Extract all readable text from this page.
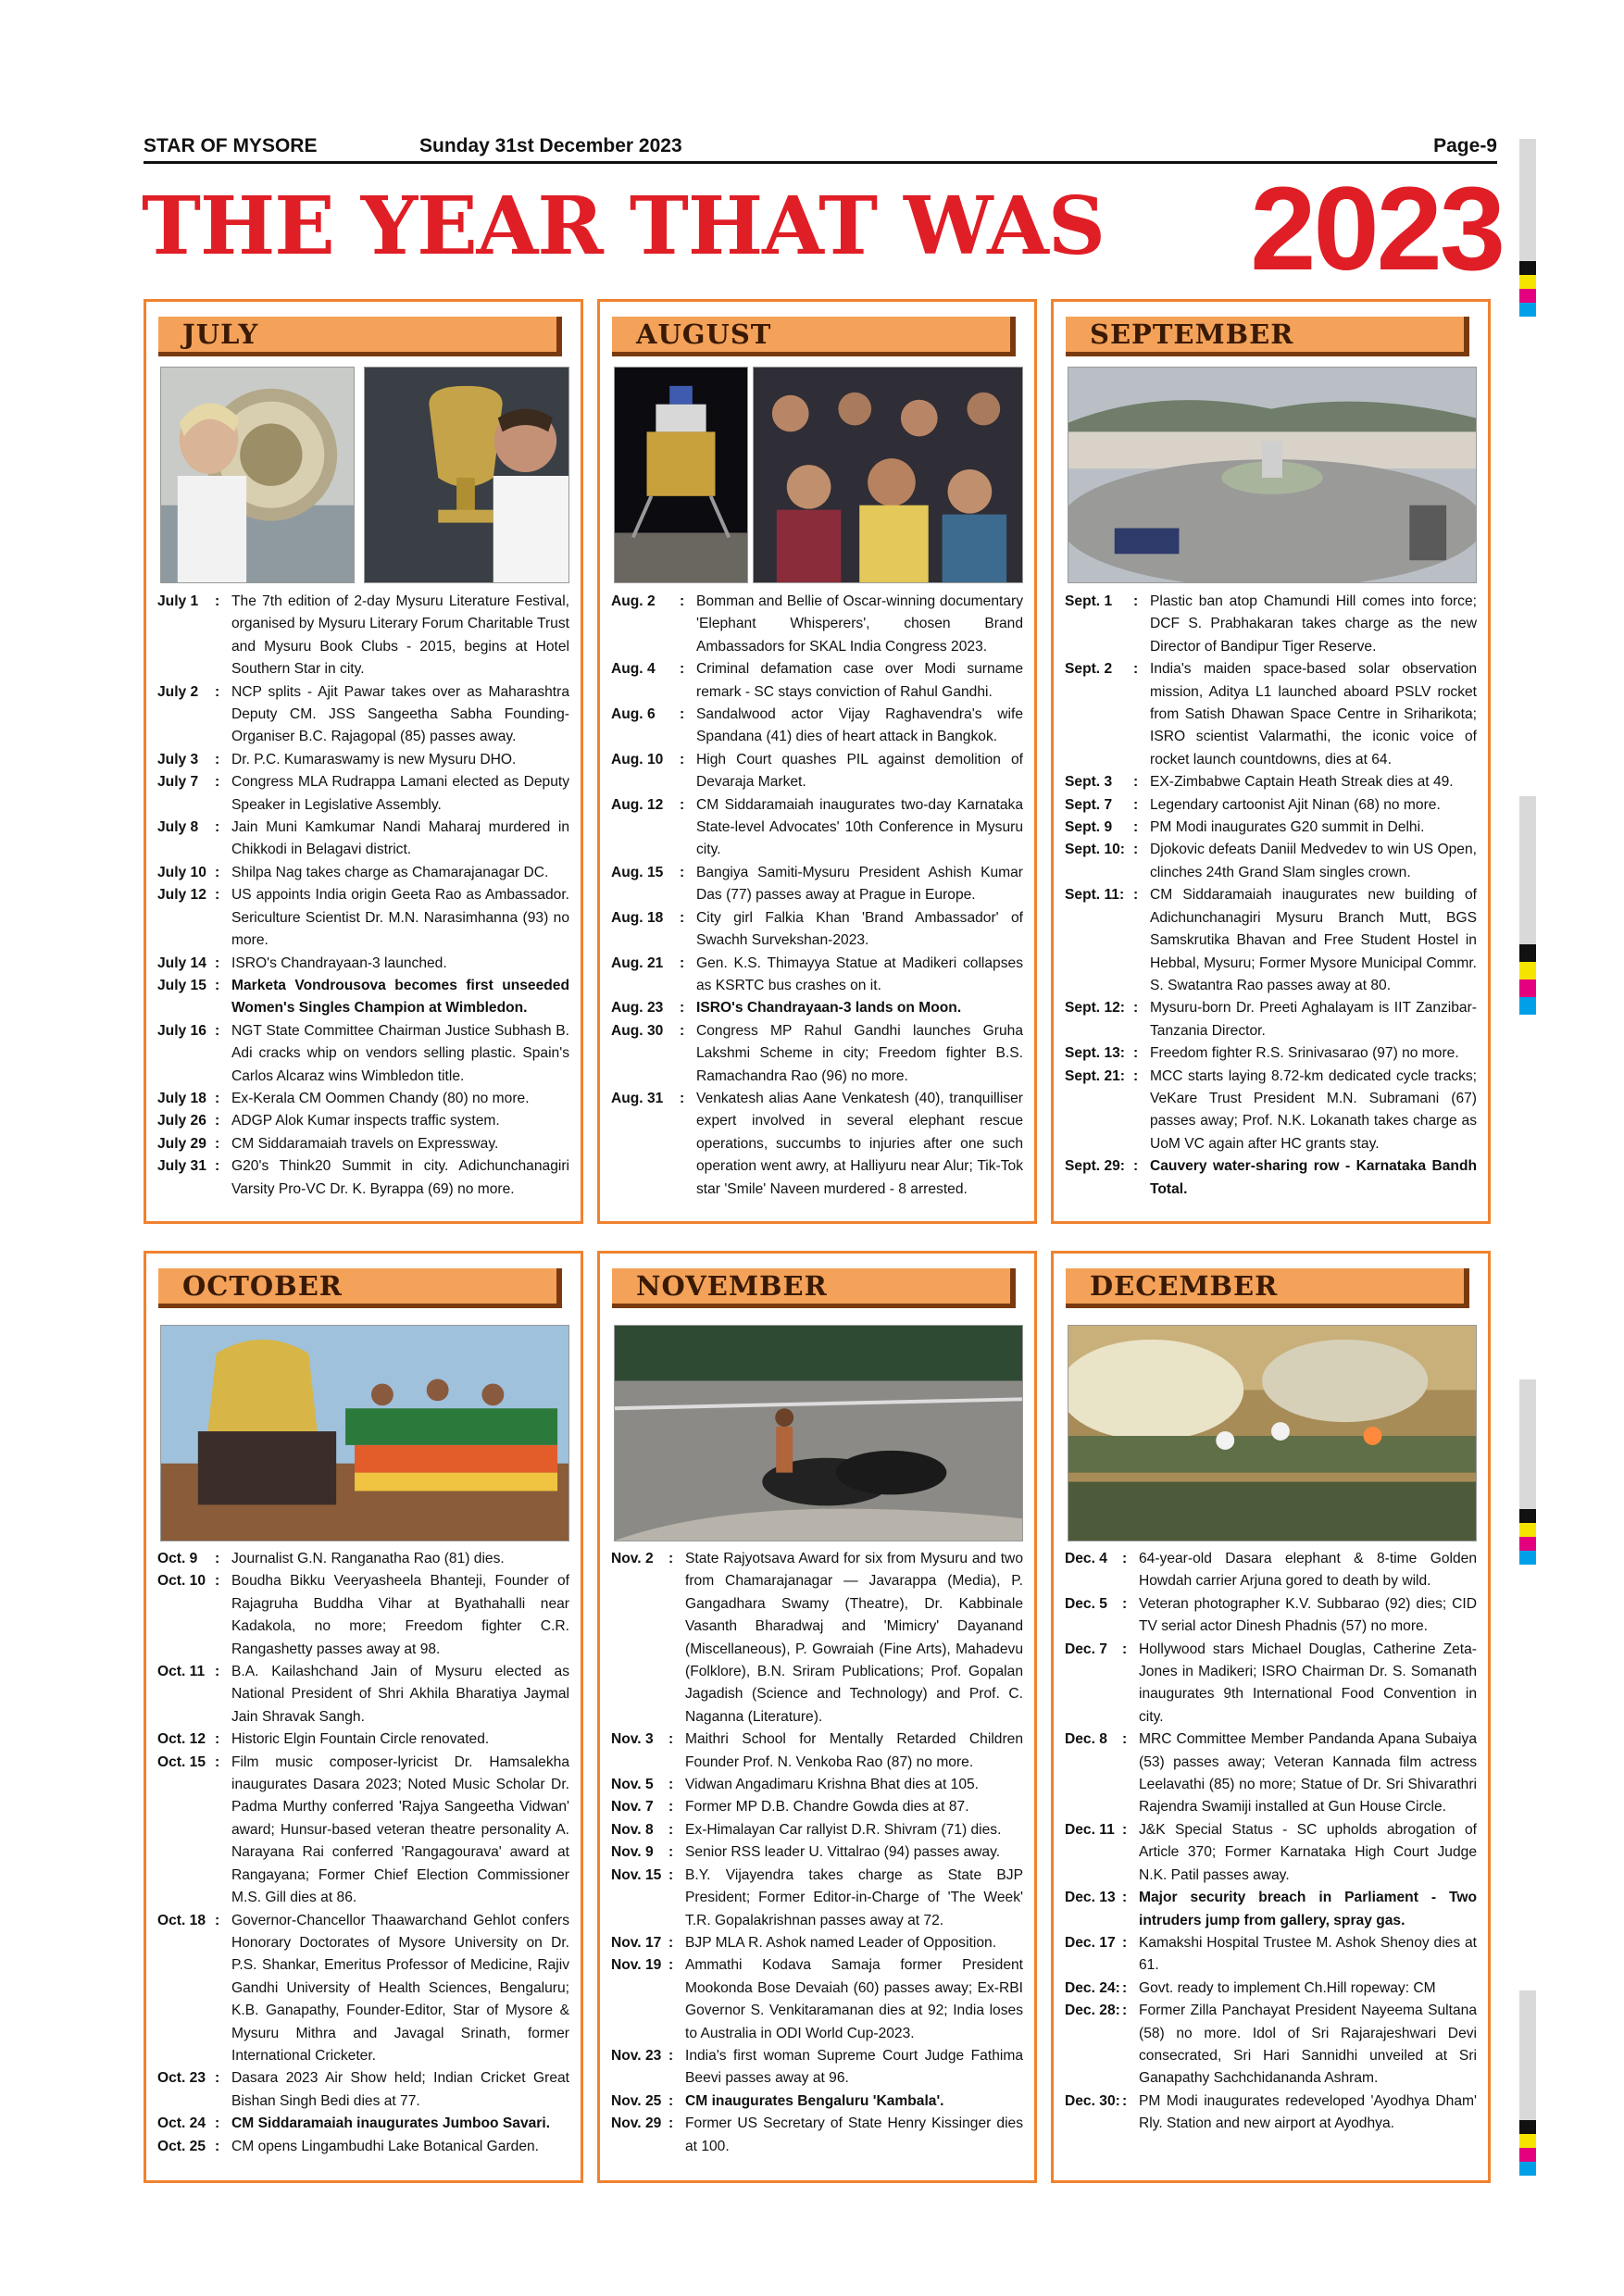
STAR OF MYSORE	Sunday 31st December 2023	Page-9
THE YEAR THAT WAS 2023
JULY
July 1	: The 7th edition of 2-day Mysuru Literature Festival, organised by Mysuru Literary Forum Charitable Trust and Mysuru Book Clubs - 2015, begins at Hotel Southern Star in city.
July 2	: NCP splits - Ajit Pawar takes over as Maharashtra Deputy CM. JSS Sangeetha Sabha Founding-Organiser B.C. Rajagopal (85) passes away.
July 3	: Dr. P.C. Kumaraswamy is new Mysuru DHO.
July 7	: Congress MLA Rudrappa Lamani elected as Deputy Speaker in Legislative Assembly.
July 8	: Jain Muni Kamkumar Nandi Maharaj murdered in Chikkodi in Belagavi district.
July 10 : Shilpa Nag takes charge as Chamarajanagar DC.
July 12 : US appoints India origin Geeta Rao as Ambassador. Sericulture Scientist Dr. M.N. Narasimhanna (93) no more.
July 14 : ISRO's Chandrayaan-3 launched.
July 15 : Marketa Vondrousova becomes first unseeded Women's Singles Champion at Wimbledon.
July 16 : NGT State Committee Chairman Justice Subhash B. Adi cracks whip on vendors selling plastic. Spain's Carlos Alcaraz wins Wimbledon title.
July 18 : Ex-Kerala CM Oommen Chandy (80) no more.
July 26 : ADGP Alok Kumar inspects traffic system.
July 29 : CM Siddaramaiah travels on Expressway.
July 31 : G20's Think20 Summit in city. Adichunchanagiri Varsity Pro-VC Dr. K. Byrappa (69) no more.
AUGUST
Aug. 2	: Bomman and Bellie of Oscar-winning documentary 'Elephant Whisperers', chosen Brand Ambassadors for SKAL India Congress 2023.
Aug. 4	: Criminal defamation case over Modi surname remark - SC stays conviction of Rahul Gandhi.
Aug. 6	: Sandalwood actor Vijay Raghavendra's wife Spandana (41) dies of heart attack in Bangkok.
Aug. 10	: High Court quashes PIL against demolition of Devaraja Market.
Aug. 12	: CM Siddaramaiah inaugurates two-day Karnataka State-level Advocates' 10th Conference in Mysuru city.
Aug. 15	: Bangiya Samiti-Mysuru President Ashish Kumar Das (77) passes away at Prague in Europe.
Aug. 18	: City girl Falkia Khan 'Brand Ambassador' of Swachh Survekshan-2023.
Aug. 21	: Gen. K.S. Thimayya Statue at Madikeri collapses as KSRTC bus crashes on it.
Aug. 23	: ISRO's Chandrayaan-3 lands on Moon.
Aug. 30	: Congress MP Rahul Gandhi launches Gruha Lakshmi Scheme in city; Freedom fighter B.S. Ramachandra Rao (96) no more.
Aug. 31	: Venkatesh alias Aane Venkatesh (40), tranquilliser expert involved in several elephant rescue operations, succumbs to injuries after one such operation went awry, at Halliyuru near Alur; Tik-Tok star 'Smile' Naveen murdered - 8 arrested.
SEPTEMBER
Sept. 1	: Plastic ban atop Chamundi Hill comes into force; DCF S. Prabhakaran takes charge as the new Director of Bandipur Tiger Reserve.
Sept. 2	: India's maiden space-based solar observation mission, Aditya L1 launched aboard PSLV rocket from Satish Dhawan Space Centre in Sriharikota; ISRO scientist Valarmathi, the iconic voice of rocket launch countdowns, dies at 64.
Sept. 3	: EX-Zimbabwe Captain Heath Streak dies at 49.
Sept. 7	: Legendary cartoonist Ajit Ninan (68) no more.
Sept. 9	: PM Modi inaugurates G20 summit in Delhi.
Sept. 10: : Djokovic defeats Daniil Medvedev to win US Open, clinches 24th Grand Slam singles crown.
Sept. 11: : CM Siddaramaiah inaugurates new building of Adichunchanagiri Mysuru Branch Mutt, BGS Samskrutika Bhavan and Free Student Hostel in Hebbal, Mysuru; Former Mysore Municipal Commr. S. Swatantra Rao passes away at 80.
Sept. 12: : Mysuru-born Dr. Preeti Aghalayam is IIT Zanzibar-Tanzania Director.
Sept. 13: : Freedom fighter R.S. Srinivasarao (97) no more.
Sept. 21: : MCC starts laying 8.72-km dedicated cycle tracks; VeKare Trust President M.N. Subramani (67) passes away; Prof. N.K. Lokanath takes charge as UoM VC again after HC grants stay.
Sept. 29: : Cauvery water-sharing row - Karnataka Bandh Total.
OCTOBER
Oct. 9	: Journalist G.N. Ranganatha Rao (81) dies.
Oct. 10 : Boudha Bikku Veeryasheela Bhanteji, Founder of Rajagruha Buddha Vihar at Byathahalli near Kadakola, no more; Freedom fighter C.R. Rangashetty passes away at 98.
Oct. 11 : B.A. Kailashchand Jain of Mysuru elected as National President of Shri Akhila Bharatiya Jaymal Jain Shravak Sangh.
Oct. 12 : Historic Elgin Fountain Circle renovated.
Oct. 15 : Film music composer-lyricist Dr. Hamsalekha inaugurates Dasara 2023; Noted Music Scholar Dr. Padma Murthy conferred 'Rajya Sangeetha Vidwan' award; Hunsur-based veteran theatre personality A. Narayana Rai conferred 'Rangagourava' award at Rangayana; Former Chief Election Commissioner M.S. Gill dies at 86.
Oct. 18 : Governor-Chancellor Thaawarchand Gehlot confers Honorary Doctorates of Mysore University on Dr. P.S. Shankar, Emeritus Professor of Medicine, Rajiv Gandhi University of Health Sciences, Bengaluru; K.B. Ganapathy, Founder-Editor, Star of Mysore & Mysuru Mithra and Javagal Srinath, former International Cricketer.
Oct. 23 : Dasara 2023 Air Show held; Indian Cricket Great Bishan Singh Bedi dies at 77.
Oct. 24 : CM Siddaramaiah inaugurates Jumboo Savari.
Oct. 25 : CM opens Lingambudhi Lake Botanical Garden.
NOVEMBER
Nov. 2	: State Rajyotsava Award for six from Mysuru and two from Chamarajanagar — Javarappa (Media), P. Gangadhara Swamy (Theatre), Dr. Kabbinale Vasanth Bharadwaj and 'Mimicry' Dayanand (Miscellaneous), P. Gowraiah (Fine Arts), Mahadevu (Folklore), B.N. Sriram Publications; Prof. Gopalan Jagadish (Science and Technology) and Prof. C. Naganna (Literature).
Nov. 3	: Maithri School for Mentally Retarded Children Founder Prof. N. Venkoba Rao (87) no more.
Nov. 5	: Vidwan Angadimaru Krishna Bhat dies at 105.
Nov. 7	: Former MP D.B. Chandre Gowda dies at 87.
Nov. 8	: Ex-Himalayan Car rallyist D.R. Shivram (71) dies.
Nov. 9	: Senior RSS leader U. Vittalrao (94) passes away.
Nov. 15 : B.Y. Vijayendra takes charge as State BJP President; Former Editor-in-Charge of 'The Week' T.R. Gopalakrishnan passes away at 72.
Nov. 17 : BJP MLA R. Ashok named Leader of Opposition.
Nov. 19 : Ammathi Kodava Samaja former President Mookonda Bose Devaiah (60) passes away; Ex-RBI Governor S. Venkitaramanan dies at 92; India loses to Australia in ODI World Cup-2023.
Nov. 23 : India's first woman Supreme Court Judge Fathima Beevi passes away at 96.
Nov. 25 : CM inaugurates Bengaluru 'Kambala'.
Nov. 29 : Former US Secretary of State Henry Kissinger dies at 100.
DECEMBER
Dec. 4	: 64-year-old Dasara elephant & 8-time Golden Howdah carrier Arjuna gored to death by wild.
Dec. 5	: Veteran photographer K.V. Subbarao (92) dies; CID TV serial actor Dinesh Phadnis (57) no more.
Dec. 7	: Hollywood stars Michael Douglas, Catherine Zeta-Jones in Madikeri; ISRO Chairman Dr. S. Somanath inaugurates 9th International Food Convention in city.
Dec. 8	: MRC Committee Member Pandanda Apana Subaiya (53) passes away; Veteran Kannada film actress Leelavathi (85) no more; Statue of Dr. Sri Shivarathri Rajendra Swamiji installed at Gun House Circle.
Dec. 11 : J&K Special Status - SC upholds abrogation of Article 370; Former Karnataka High Court Judge N.K. Patil passes away.
Dec. 13 : Major security breach in Parliament - Two intruders jump from gallery, spray gas.
Dec. 17 : Kamakshi Hospital Trustee M. Ashok Shenoy dies at 61.
Dec. 24: : Govt. ready to implement Ch.Hill ropeway: CM
Dec. 28: : Former Zilla Panchayat President Nayeema Sultana (58) no more. Idol of Sri Rajarajeshwari Devi consecrated, Sri Hari Sannidhi unveiled at Sri Ganapathy Sachchidananda Ashram.
Dec. 30: : PM Modi inaugurates redeveloped 'Ayodhya Dham' Rly. Station and new airport at Ayodhya.
